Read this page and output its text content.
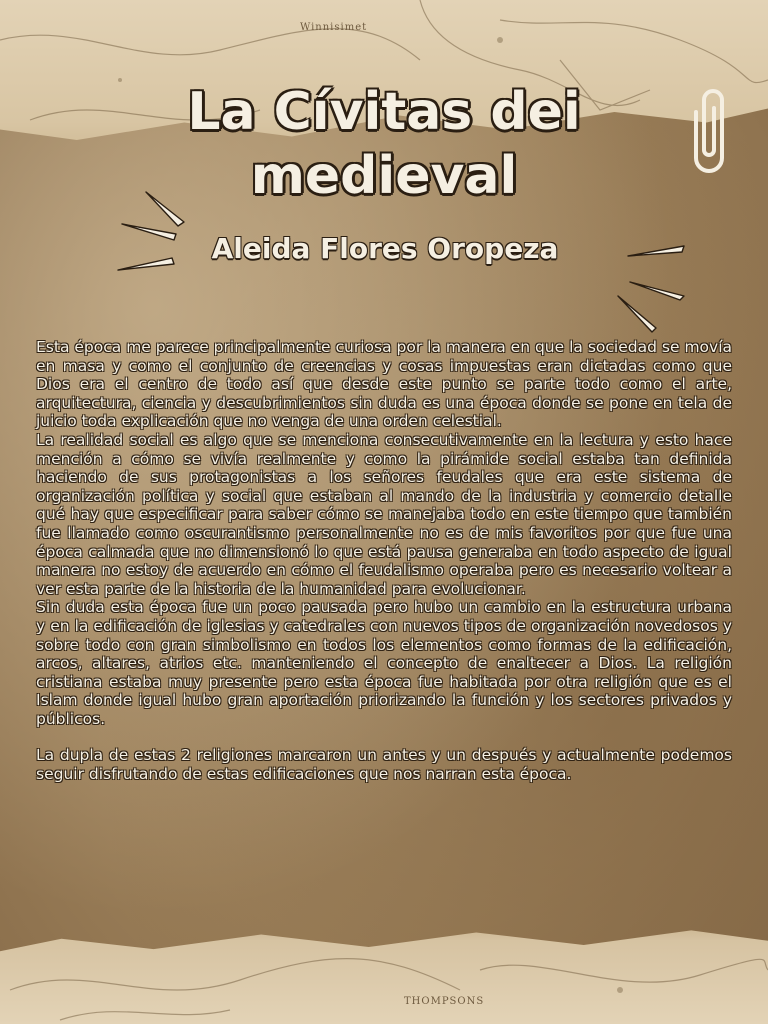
Winnisimet
THOMPSONS
La Cívitas dei
medieval
Aleida Flores Oropeza

Esta época me parece principalmente curiosa por la manera en que la sociedad se movía en masa y como el conjunto de creencias y cosas impuestas eran dictadas como que Dios era el centro de todo así que desde este punto se parte todo como el arte, arquitectura, ciencia y descubrimientos sin duda es una época donde se pone en tela de juicio toda explicación que no venga de una orden celestial.

La realidad social es algo que se menciona consecutivamente en la lectura y esto hace mención a cómo se vivía realmente y como la pirámide social estaba tan definida haciendo de sus protagonistas a los señores feudales que era este sistema de organización política y social que estaban al mando de la industria y comercio detalle qué hay que especificar para saber cómo se manejaba todo en este tiempo que también fue llamado como oscurantismo personalmente no es de mis favoritos por que fue una época calmada que no dimensionó lo que está pausa generaba en todo aspecto de igual manera no estoy de acuerdo en cómo el feudalismo operaba pero es necesario voltear a ver esta parte de la historia de la humanidad para evolucionar.

Sin duda esta época fue un poco pausada pero hubo un cambio en la estructura urbana y en la edificación de iglesias y catedrales con nuevos tipos de organización novedosos y sobre todo con gran simbolismo en todos los elementos como formas de la edificación, arcos, altares, atrios etc. manteniendo el concepto de enaltecer a Dios. La religión cristiana estaba muy presente pero esta época fue habitada por otra religión que es el Islam donde igual hubo gran aportación priorizando la función y los sectores privados y públicos.

La dupla de estas 2 religiones marcaron un antes y un después y actualmente podemos seguir disfrutando de estas edificaciones que nos narran esta época.
